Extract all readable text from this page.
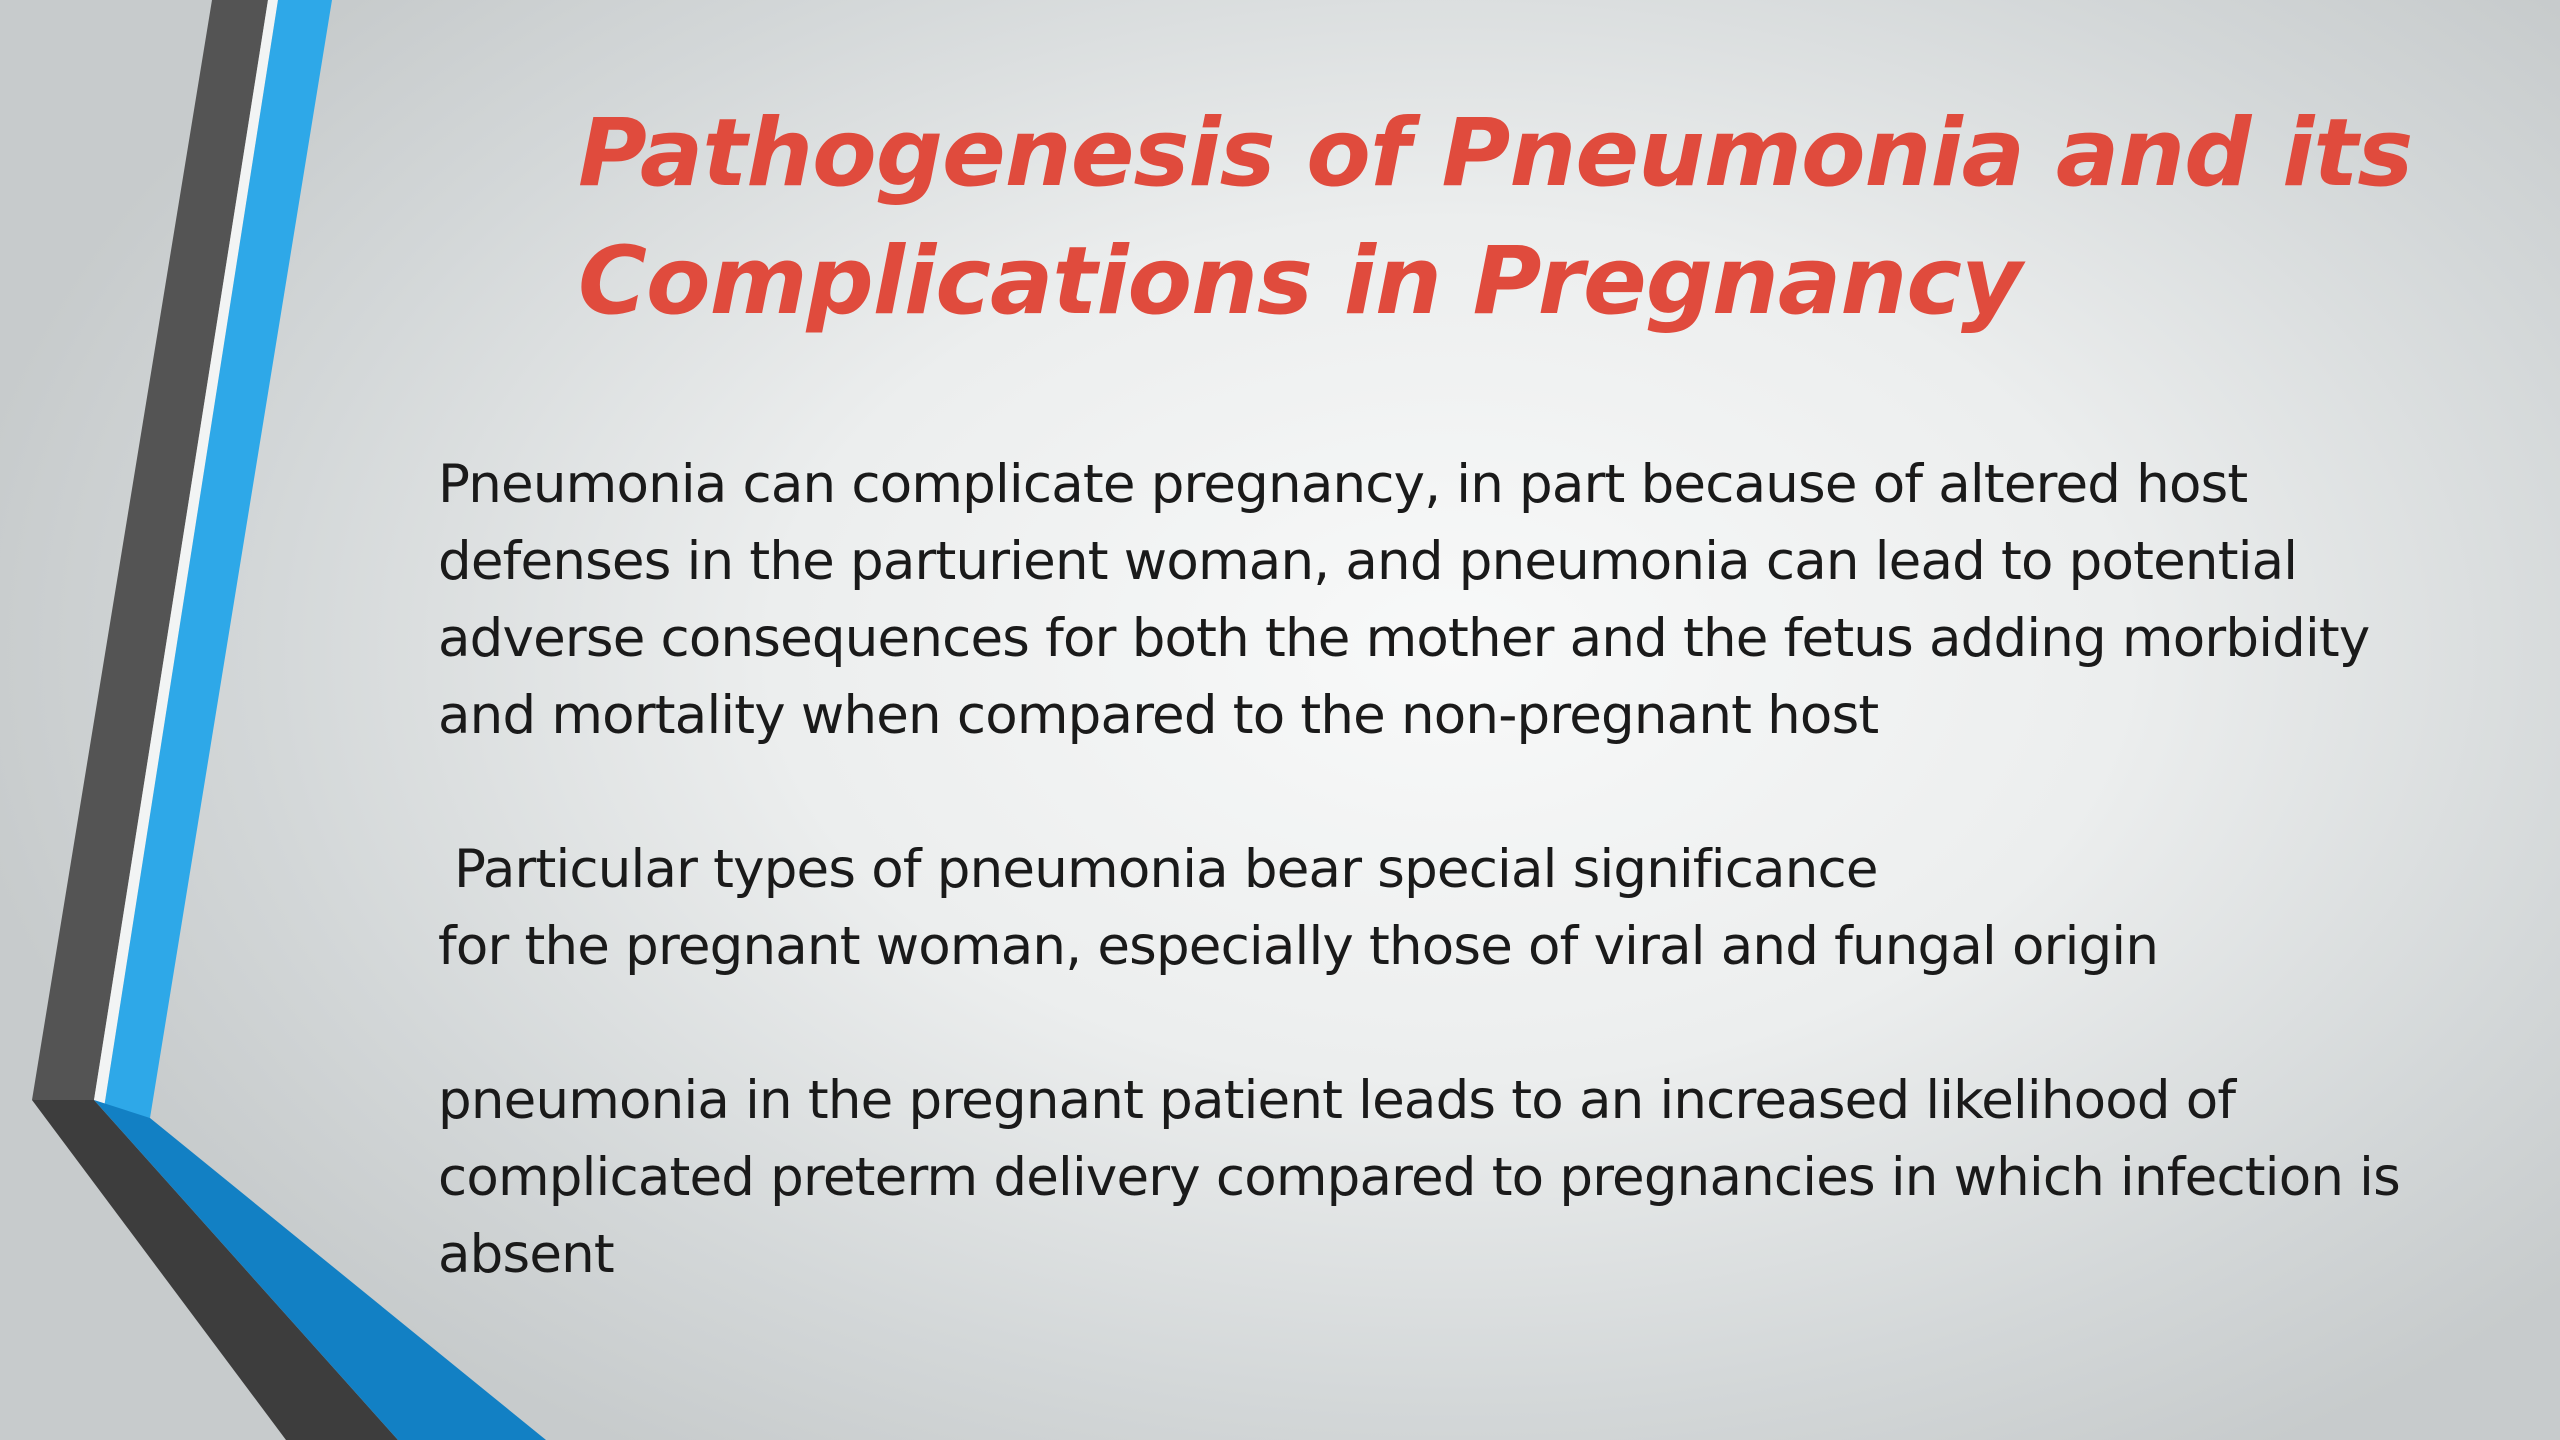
Pathogenesis of Pneumonia and its
Complications in Pregnancy

Pneumonia can complicate pregnancy, in part because of altered host
defenses in the parturient woman, and pneumonia can lead to potential
adverse consequences for both the mother and the fetus adding morbidity
and mortality when compared to the non-pregnant host

Particular types of pneumonia bear special significance
for the pregnant woman, especially those of viral and fungal origin

pneumonia in the pregnant patient leads to an increased likelihood of
complicated preterm delivery compared to pregnancies in which infection is
absent
